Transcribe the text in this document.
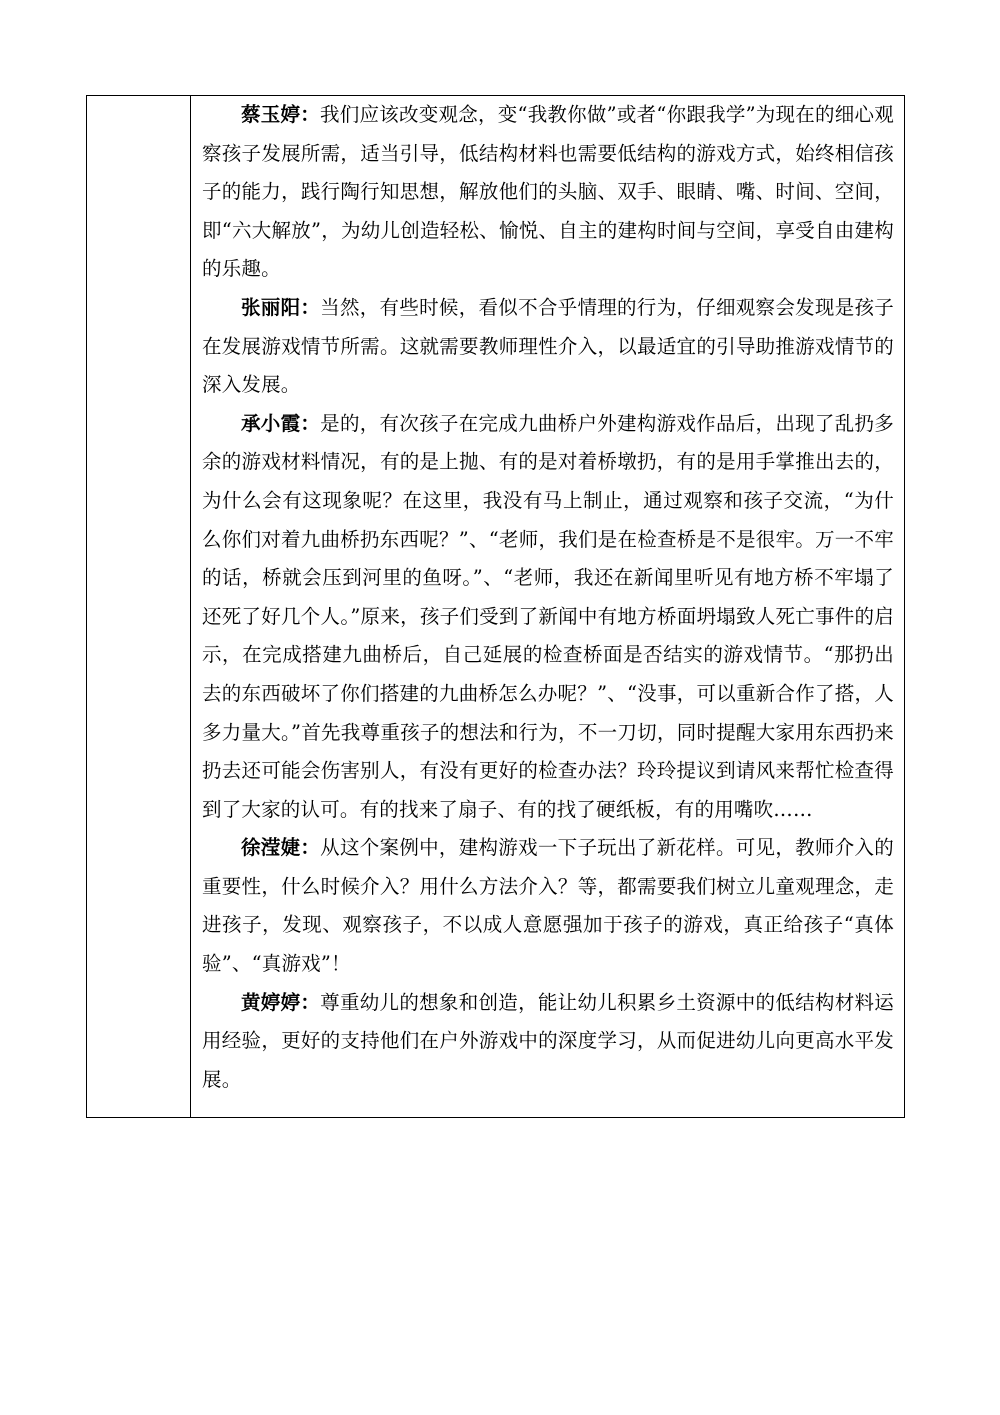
蔡玉婷：我们应该改变观念，变“我教你做”或者“你跟我学”为现在的细心观察孩子发展所需，适当引导，低结构材料也需要低结构的游戏方式，始终相信孩子的能力，践行陶行知思想，解放他们的头脑、双手、眼睛、嘴、时间、空间，即“六大解放”，为幼儿创造轻松、愉悦、自主的建构时间与空间，享受自由建构的乐趣。

张丽阳：当然，有些时候，看似不合乎情理的行为，仔细观察会发现是孩子在发展游戏情节所需。这就需要教师理性介入，以最适宜的引导助推游戏情节的深入发展。

承小霞：是的，有次孩子在完成九曲桥户外建构游戏作品后，出现了乱扔多余的游戏材料情况，有的是上抛、有的是对着桥墩扔，有的是用手掌推出去的，为什么会有这现象呢？在这里，我没有马上制止，通过观察和孩子交流，“为什么你们对着九曲桥扔东西呢？”、“老师，我们是在检查桥是不是很牢。万一不牢的话，桥就会压到河里的鱼呀。”、“老师，我还在新闻里听见有地方桥不牢塌了还死了好几个人。”原来，孩子们受到了新闻中有地方桥面坍塌致人死亡事件的启示，在完成搭建九曲桥后，自己延展的检查桥面是否结实的游戏情节。“那扔出去的东西破坏了你们搭建的九曲桥怎么办呢？”、“没事，可以重新合作了搭，人多力量大。”首先我尊重孩子的想法和行为，不一刀切，同时提醒大家用东西扔来扔去还可能会伤害别人，有没有更好的检查办法？玲玲提议到请风来帮忙检查得到了大家的认可。有的找来了扇子、有的找了硬纸板，有的用嘴吹……

徐滢婕：从这个案例中，建构游戏一下子玩出了新花样。可见，教师介入的重要性，什么时候介入？用什么方法介入？等，都需要我们树立儿童观理念，走进孩子，发现、观察孩子，不以成人意愿强加于孩子的游戏，真正给孩子“真体验”、“真游戏”！

黄婷婷：尊重幼儿的想象和创造，能让幼儿积累乡土资源中的低结构材料运用经验，更好的支持他们在户外游戏中的深度学习，从而促进幼儿向更高水平发展。
